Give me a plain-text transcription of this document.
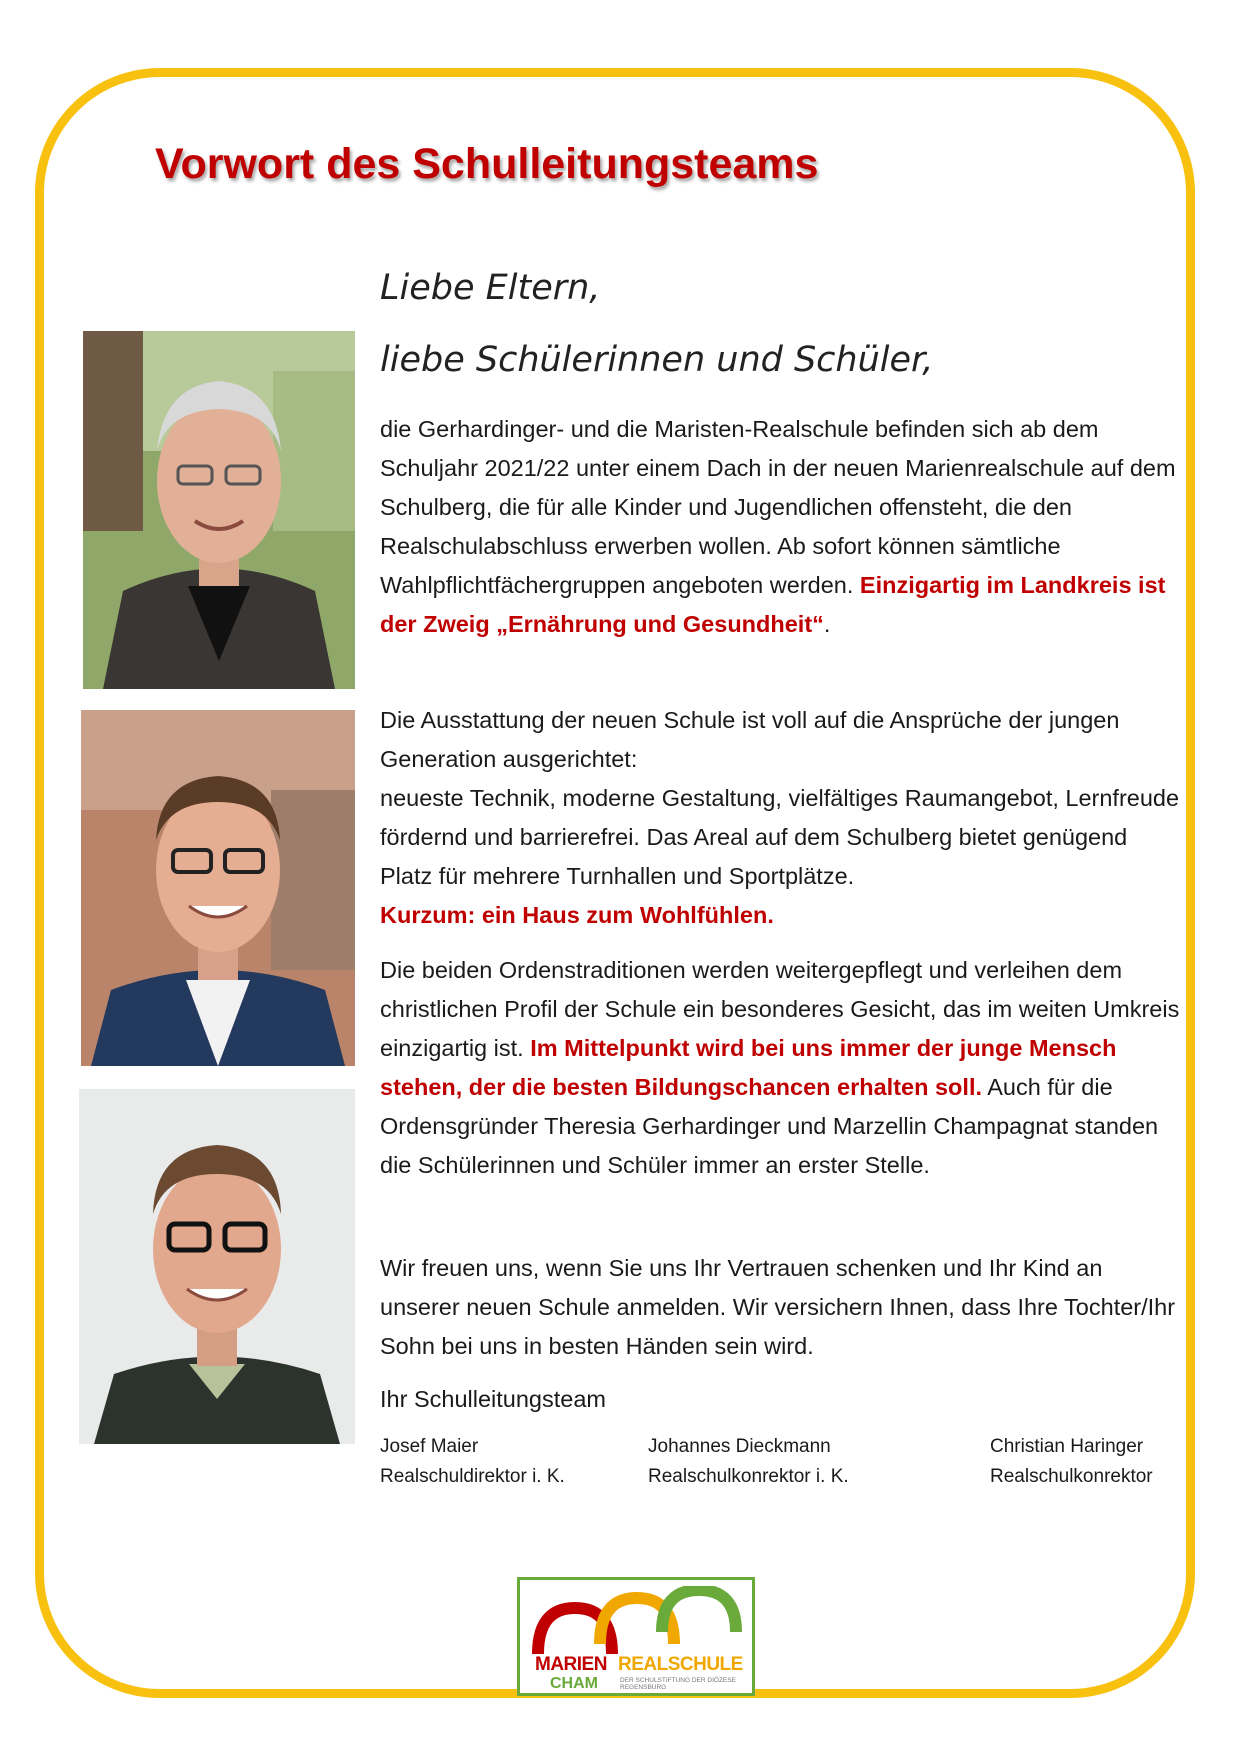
Vorwort des Schulleitungsteams

Liebe Eltern,

liebe Schülerinnen und Schüler,

die Gerhardinger- und die Maristen-Realschule befinden sich ab dem Schuljahr 2021/22 unter einem Dach in der neuen Marienrealschule auf dem Schulberg, die für alle Kinder und Jugendlichen offensteht, die den Realschulabschluss erwerben wollen. Ab sofort können sämtliche Wahlpflichtfächergruppen angeboten werden. Einzigartig im Landkreis ist der Zweig „Ernährung und Gesundheit“.

Die Ausstattung der neuen Schule ist voll auf die Ansprüche der jungen Generation ausgerichtet:
neueste Technik, moderne Gestaltung, vielfältiges Raumangebot, Lernfreude fördernd und barrierefrei. Das Areal auf dem Schulberg bietet genügend Platz für mehrere Turnhallen und Sportplätze.
Kurzum: ein Haus zum Wohlfühlen.

Die beiden Ordenstraditionen werden weitergepflegt und verleihen dem christlichen Profil der Schule ein besonderes Gesicht, das im weiten Umkreis einzigartig ist. Im Mittelpunkt wird bei uns immer der junge Mensch stehen, der die besten Bildungschancen erhalten soll. Auch für die Ordensgründer Theresia Gerhardinger und Marzellin Champagnat standen die Schülerinnen und Schüler immer an erster Stelle.

Wir freuen uns, wenn Sie uns Ihr Vertrauen schenken und Ihr Kind an unserer neuen Schule anmelden. Wir versichern Ihnen, dass Ihre Tochter/Ihr Sohn bei uns in besten Händen sein wird.

Ihr Schulleitungsteam

Josef Maier
Realschuldirektor i. K.
Johannes Dieckmann
Realschulkonrektor i. K.
Christian Haringer
Realschulkonrektor
MARIEN REALSCHULE
CHAM	DER SCHULSTIFTUNG DER DIÖZESE REGENSBURG
